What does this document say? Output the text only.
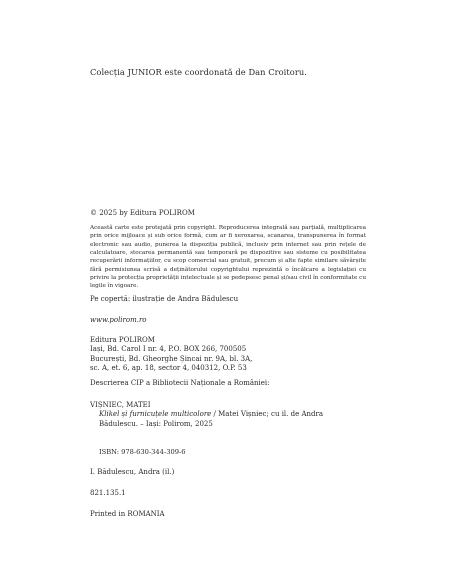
Colecția JUNIOR este coordonată de Dan Croitoru.
© 2025 by Editura POLIROM
Această carte este protejată prin copyright. Reproducerea integrală sau parțială, multiplicarea prin orice mijloace și sub orice formă, cum ar fi xeroxarea, scanarea, transpunerea în format electronic sau audio, punerea la dispoziția publică, inclusiv prin internet sau prin rețele de calculatoare, stocarea permanentă sau temporară pe dispozitive sau sisteme cu posibilitatea recuperării informațiilor, cu scop comercial sau gratuit, precum și alte fapte similare săvârșite fără permisiunea scrisă a deținătorului copyrightului reprezintă o încălcare a legislației cu privire la protecția proprietății intelectuale și se pedepsesc penal și/sau civil în conformitate cu legile în vigoare.
Pe copertă: ilustrație de Andra Bădulescu
www.polirom.ro
Editura POLIROM
Iași, Bd. Carol I nr. 4, P.O. BOX 266, 700505
București, Bd. Gheorghe Șincai nr. 9A, bl. 3A,
sc. A, et. 6, ap. 18, sector 4, 040312, O.P. 53
Descrierea CIP a Bibliotecii Naționale a României:
VIȘNIEC, MATEI
Klikel și furnicuțele multicolore / Matei Vișniec; cu il. de Andra
Bădulescu. – Iași: Polirom, 2025
ISBN: 978-630-344-309-6
I. Bădulescu, Andra (il.)
821.135.1
Printed in ROMANIA
